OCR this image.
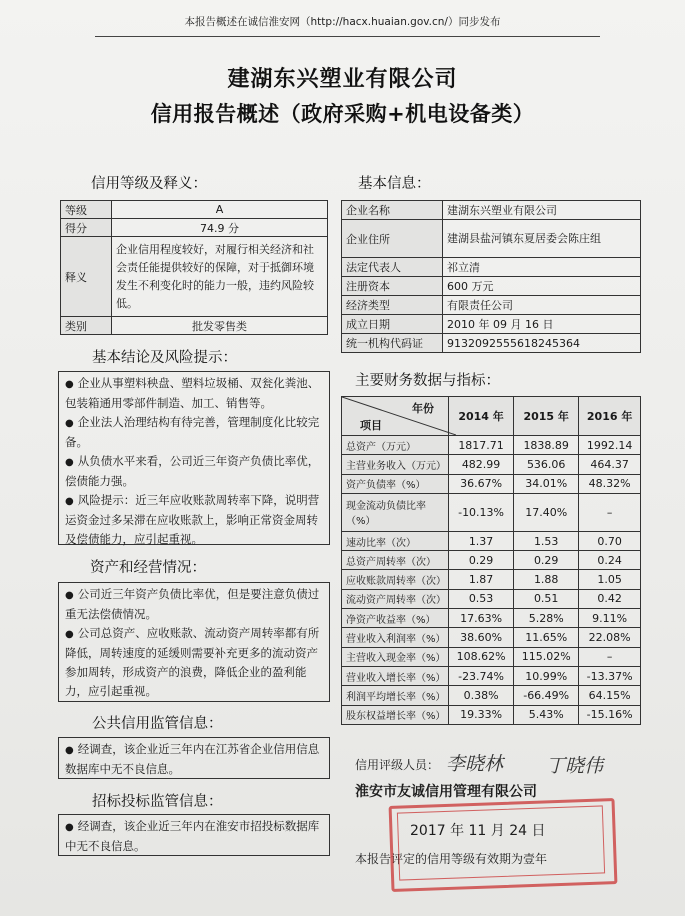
本报告概述在诚信淮安网（http://hacx.huaian.gov.cn/）同步发布
建湖东兴塑业有限公司
信用报告概述（政府采购+机电设备类）
信用等级及释义：
等级	A
得分	74.9 分
释义	企业信用程度较好，对履行相关经济和社会责任能提供较好的保障，对于抵御环境发生不利变化时的能力一般，违约风险较低。
类别	批发零售类
基本结论及风险提示：

● 企业从事塑料秧盘、塑料垃圾桶、双瓮化粪池、包装箱通用零部件制造、加工、销售等。

● 企业法人治理结构有待完善，管理制度化比较完备。

● 从负债水平来看，公司近三年资产负债比率优，偿债能力强。

● 风险提示：近三年应收账款周转率下降，说明营运资金过多呆滞在应收账款上，影响正常资金周转及偿债能力，应引起重视。

资产和经营情况：

● 公司近三年资产负债比率优，但是要注意负债过重无法偿债情况。

● 公司总资产、应收账款、流动资产周转率都有所降低，周转速度的延缓则需要补充更多的流动资产参加周转，形成资产的浪费，降低企业的盈利能力，应引起重视。

公共信用监管信息：

● 经调查，该企业近三年内在江苏省企业信用信息数据库中无不良信息。

招标投标监管信息：

● 经调查，该企业近三年内在淮安市招投标数据库中无不良信息。

基本信息：
企业名称	建湖东兴塑业有限公司
企业住所	建湖县盐河镇东夏居委会陈庄组
法定代表人	祁立清
注册资本	600 万元
经济类型	有限责任公司
成立日期	2010 年 09 月 16 日
统一机构代码证	913209255561824536​4
主要财务数据与指标：
年份
项目	2014 年	2015 年	2016 年
总资产（万元）	1817.71	1838.89	1992.14
主营业务收入（万元）	482.99	536.06	464.37
资产负债率（%）	36.67%	34.01%	48.32%
现金流动负债比率（%）	-10.13%	17.40%	–
速动比率（次）	1.37	1.53	0.70
总资产周转率（次）	0.29	0.29	0.24
应收账款周转率（次）	1.87	1.88	1.05
流动资产周转率（次）	0.53	0.51	0.42
净资产收益率（%）	17.63%	5.28%	9.11%
营业收入利润率（%）	38.60%	11.65%	22.08%
主营收入现金率（%）	108.62%	115.02%	–
营业收入增长率（%）	-23.74%	10.99%	-13.37%
利润平均增长率（%）	0.38%	-66.49%	64.15%
股东权益增长率（%）	19.33%	5.43%	-15.16%
信用评级人员： 李晓林 丁晓伟
淮安市友诚信用管理有限公司
2017 年 11 月 24 日
本报告评定的信用等级有效期为壹年
